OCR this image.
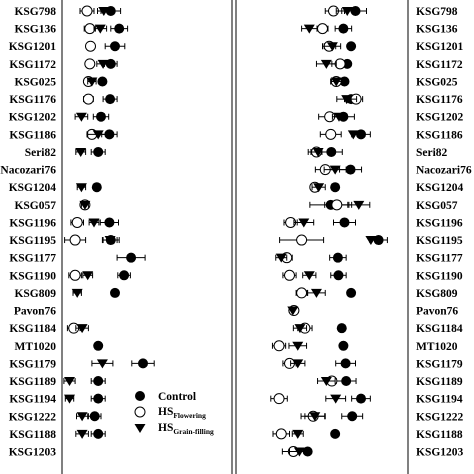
KSG798
KSG136
KSG1201
KSG1172
KSG025
KSG1176
KSG1202
KSG1186
Seri82
Nacozari76
KSG1204
KSG057
KSG1196
KSG1195
KSG1177
KSG1190
KSG809
Pavon76
KSG1184
MT1020
KSG1179
KSG1189
KSG1194
KSG1222
KSG1188
KSG1203
KSG798
KSG136
KSG1201
KSG1172
KSG025
KSG1176
KSG1202
KSG1186
Seri82
Nacozari76
KSG1204
KSG057
KSG1196
KSG1195
KSG1177
KSG1190
KSG809
Pavon76
KSG1184
MT1020
KSG1179
KSG1189
KSG1194
KSG1222
KSG1188
KSG1203
Control
$HS_{Flowering}$
$HS_{Grain-filling}$
